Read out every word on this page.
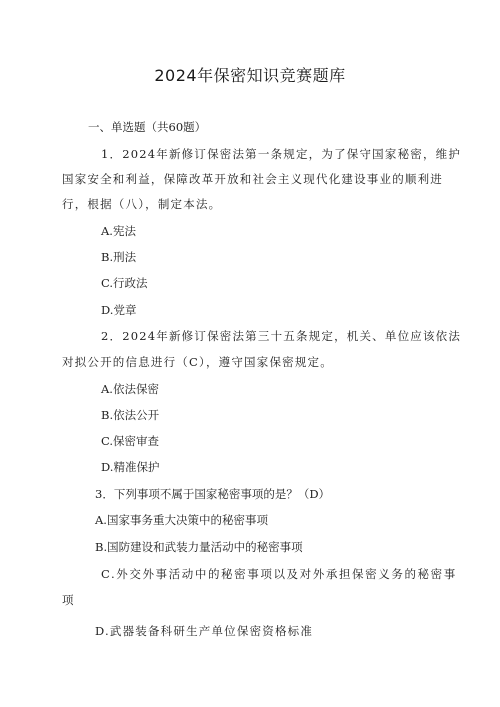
2024年保密知识竞赛题库
一、单选题（共60题）
1．2024年新修订保密法第一条规定，为了保守国家秘密，维护
国家安全和利益，保障改革开放和社会主义现代化建设事业的顺利进
行，根据（八），制定本法。
A.宪法
B.刑法
C.行政法
D.党章
2．2024年新修订保密法第三十五条规定，机关、单位应该依法
对拟公开的信息进行（C），遵守国家保密规定。
A.依法保密
B.依法公开
C.保密审查
D.精准保护
3．下列事项不属于国家秘密事项的是？（D）
A.国家事务重大决策中的秘密事项
B.国防建设和武装力量活动中的秘密事项
C.外交外事活动中的秘密事项以及对外承担保密义务的秘密事
项
D.武器装备科研生产单位保密资格标准
